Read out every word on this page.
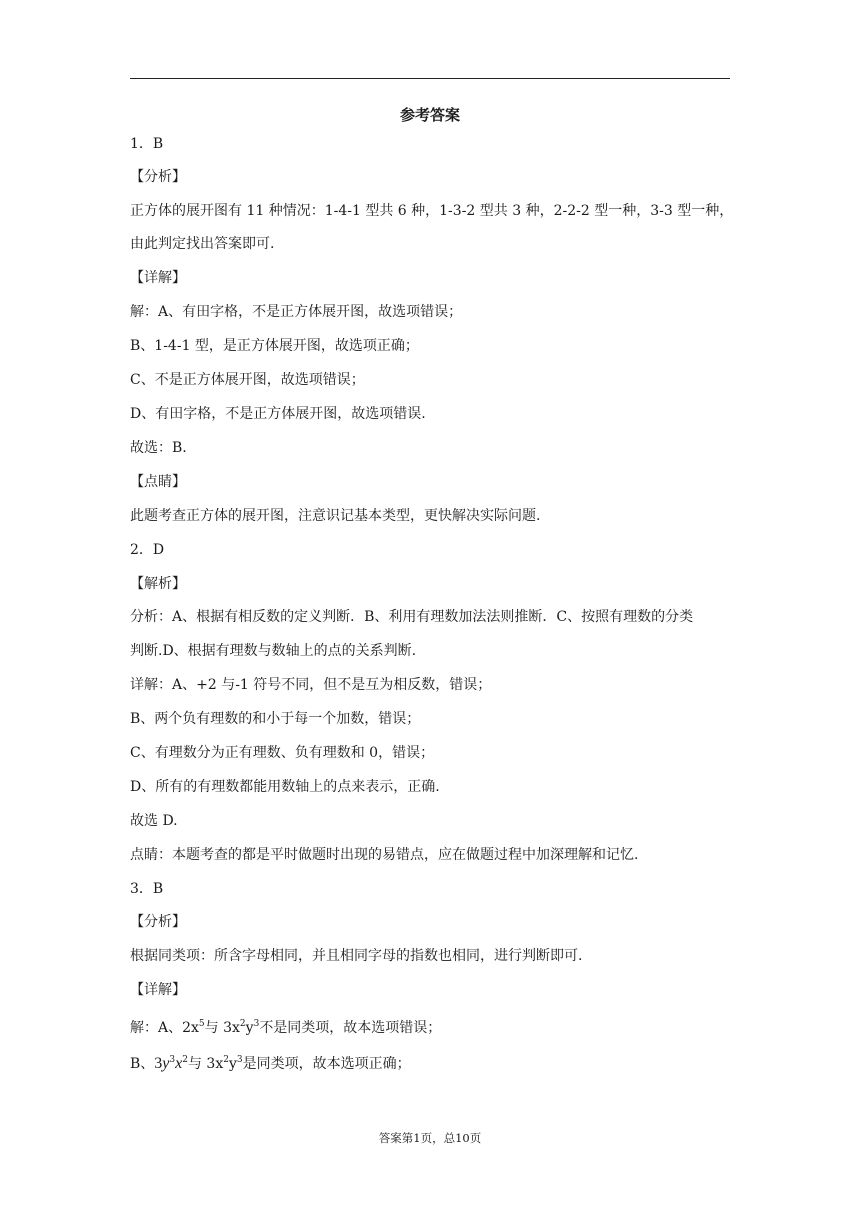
参考答案
1．B
【分析】
正方体的展开图有 11 种情况：1-4-1 型共 6 种，1-3-2 型共 3 种，2-2-2 型一种，3-3 型一种，
由此判定找出答案即可.
【详解】
解：A、有田字格，不是正方体展开图，故选项错误；
B、1-4-1 型，是正方体展开图，故选项正确；
C、不是正方体展开图，故选项错误；
D、有田字格，不是正方体展开图，故选项错误.
故选：B.
【点睛】
此题考查正方体的展开图，注意识记基本类型，更快解决实际问题.
2．D
【解析】
分析：A、根据有相反数的定义判断．B、利用有理数加法法则推断．C、按照有理数的分类
判断.D、根据有理数与数轴上的点的关系判断.
详解：A、+2 与-1 符号不同，但不是互为相反数，错误；
B、两个负有理数的和小于每一个加数，错误；
C、有理数分为正有理数、负有理数和 0，错误；
D、所有的有理数都能用数轴上的点来表示，正确.
故选 D.
点睛：本题考查的都是平时做题时出现的易错点，应在做题过程中加深理解和记忆.
3．B
【分析】
根据同类项：所含字母相同，并且相同字母的指数也相同，进行判断即可.
【详解】
解：A、$2x^5$与 $3x^2y^3$不是同类项，故本选项错误；
B、$3y^3x^2$与 $3x^2y^3$是同类项，故本选项正确；
答案第1页，总10页
